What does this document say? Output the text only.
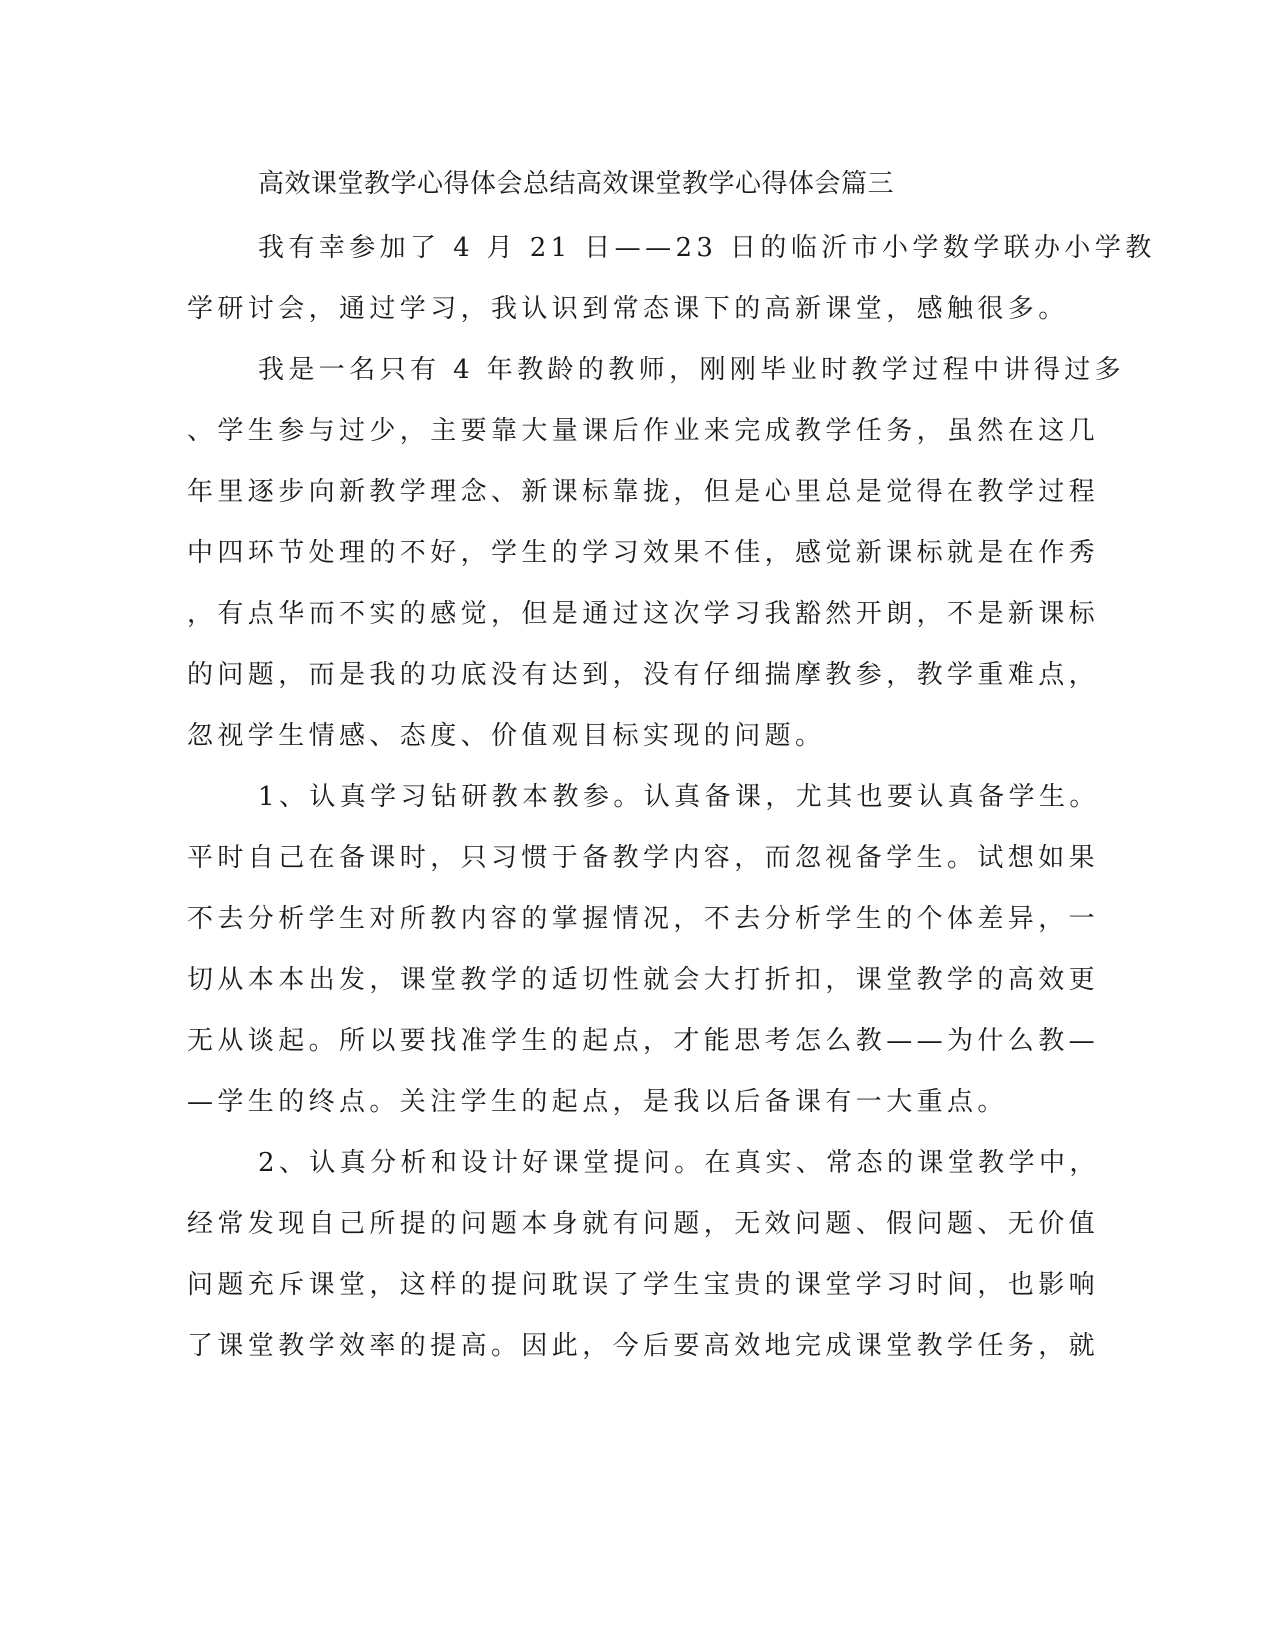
高效课堂教学心得体会总结高效课堂教学心得体会篇三
我有幸参加了 4 月 21 日——23 日的临沂市小学数学联办小学教
学研讨会，通过学习，我认识到常态课下的高新课堂，感触很多。
我是一名只有 4 年教龄的教师，刚刚毕业时教学过程中讲得过多
、学生参与过少，主要靠大量课后作业来完成教学任务，虽然在这几
年里逐步向新教学理念、新课标靠拢，但是心里总是觉得在教学过程
中四环节处理的不好，学生的学习效果不佳，感觉新课标就是在作秀
，有点华而不实的感觉，但是通过这次学习我豁然开朗，不是新课标
的问题，而是我的功底没有达到，没有仔细揣摩教参，教学重难点，
忽视学生情感、态度、价值观目标实现的问题。
1、认真学习钻研教本教参。认真备课，尤其也要认真备学生。
平时自己在备课时，只习惯于备教学内容，而忽视备学生。试想如果
不去分析学生对所教内容的掌握情况，不去分析学生的个体差异，一
切从本本出发，课堂教学的适切性就会大打折扣，课堂教学的高效更
无从谈起。所以要找准学生的起点，才能思考怎么教——为什么教—
—学生的终点。关注学生的起点，是我以后备课有一大重点。
2、认真分析和设计好课堂提问。在真实、常态的课堂教学中，
经常发现自己所提的问题本身就有问题，无效问题、假问题、无价值
问题充斥课堂，这样的提问耽误了学生宝贵的课堂学习时间，也影响
了课堂教学效率的提高。因此，今后要高效地完成课堂教学任务，就
